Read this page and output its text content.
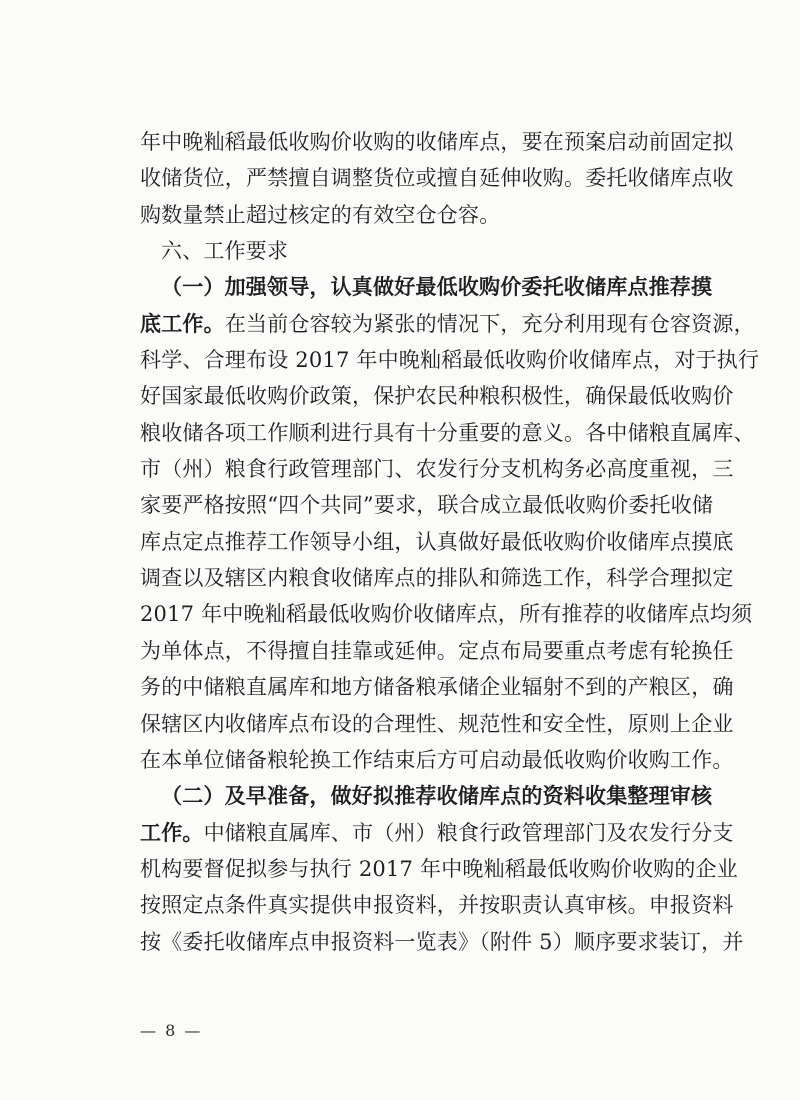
年中晚籼稻最低收购价收购的收储库点，要在预案启动前固定拟
收储货位，严禁擅自调整货位或擅自延伸收购。委托收储库点收
购数量禁止超过核定的有效空仓仓容。
六、工作要求
（一）加强领导，认真做好最低收购价委托收储库点推荐摸
底工作。在当前仓容较为紧张的情况下，充分利用现有仓容资源，
科学、合理布设 2017 年中晚籼稻最低收购价收储库点，对于执行
好国家最低收购价政策，保护农民种粮积极性，确保最低收购价
粮收储各项工作顺利进行具有十分重要的意义。各中储粮直属库、
市（州）粮食行政管理部门、农发行分支机构务必高度重视，三
家要严格按照“四个共同”要求，联合成立最低收购价委托收储
库点定点推荐工作领导小组，认真做好最低收购价收储库点摸底
调查以及辖区内粮食收储库点的排队和筛选工作，科学合理拟定
2017 年中晚籼稻最低收购价收储库点，所有推荐的收储库点均须
为单体点，不得擅自挂靠或延伸。定点布局要重点考虑有轮换任
务的中储粮直属库和地方储备粮承储企业辐射不到的产粮区，确
保辖区内收储库点布设的合理性、规范性和安全性，原则上企业
在本单位储备粮轮换工作结束后方可启动最低收购价收购工作。
（二）及早准备，做好拟推荐收储库点的资料收集整理审核
工作。中储粮直属库、市（州）粮食行政管理部门及农发行分支
机构要督促拟参与执行 2017 年中晚籼稻最低收购价收购的企业
按照定点条件真实提供申报资料，并按职责认真审核。申报资料
按《委托收储库点申报资料一览表》（附件 5）顺序要求装订，并
— 8 —
